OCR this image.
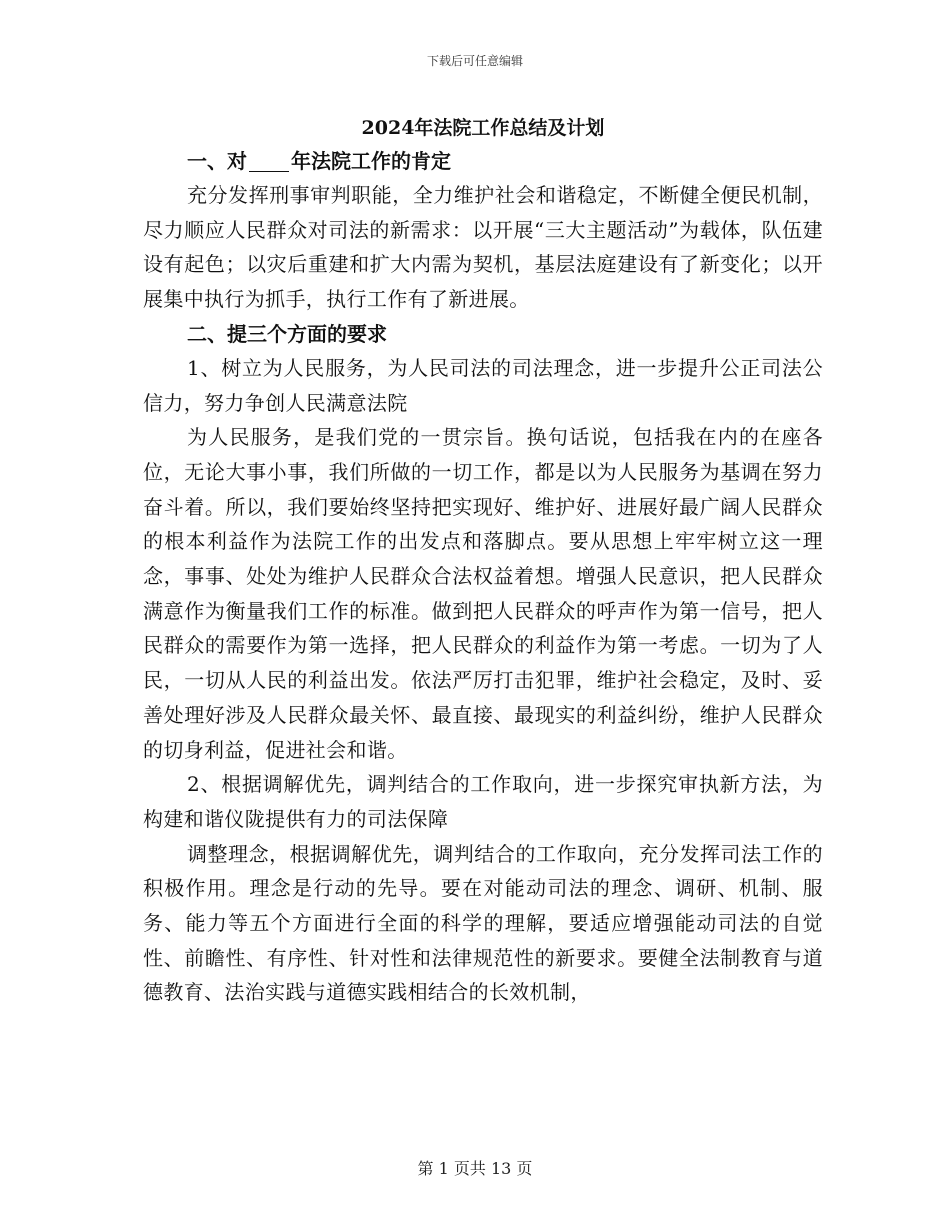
下载后可任意编辑
2024年法院工作总结及计划
一、对 年法院工作的肯定

充分发挥刑事审判职能，全力维护社会和谐稳定，不断健全便民机制，尽力顺应人民群众对司法的新需求：以开展“三大主题活动”为载体，队伍建设有起色；以灾后重建和扩大内需为契机，基层法庭建设有了新变化；以开展集中执行为抓手，执行工作有了新进展。

二、提三个方面的要求

1、树立为人民服务，为人民司法的司法理念，进一步提升公正司法公信力，努力争创人民满意法院

为人民服务，是我们党的一贯宗旨。换句话说，包括我在内的在座各位，无论大事小事，我们所做的一切工作，都是以为人民服务为基调在努力奋斗着。所以，我们要始终坚持把实现好、维护好、进展好最广阔人民群众的根本利益作为法院工作的出发点和落脚点。要从思想上牢牢树立这一理念，事事、处处为维护人民群众合法权益着想。增强人民意识，把人民群众满意作为衡量我们工作的标准。做到把人民群众的呼声作为第一信号，把人民群众的需要作为第一选择，把人民群众的利益作为第一考虑。一切为了人民，一切从人民的利益出发。依法严厉打击犯罪，维护社会稳定，及时、妥善处理好涉及人民群众最关怀、最直接、最现实的利益纠纷，维护人民群众的切身利益，促进社会和谐。

2、根据调解优先，调判结合的工作取向，进一步探究审执新方法，为构建和谐仪陇提供有力的司法保障

调整理念，根据调解优先，调判结合的工作取向，充分发挥司法工作的积极作用。理念是行动的先导。要在对能动司法的理念、调研、机制、服务、能力等五个方面进行全面的科学的理解，要适应增强能动司法的自觉性、前瞻性、有序性、针对性和法律规范性的新要求。要健全法制教育与道德教育、法治实践与道德实践相结合的长效机制，

第 1 页共 13 页
